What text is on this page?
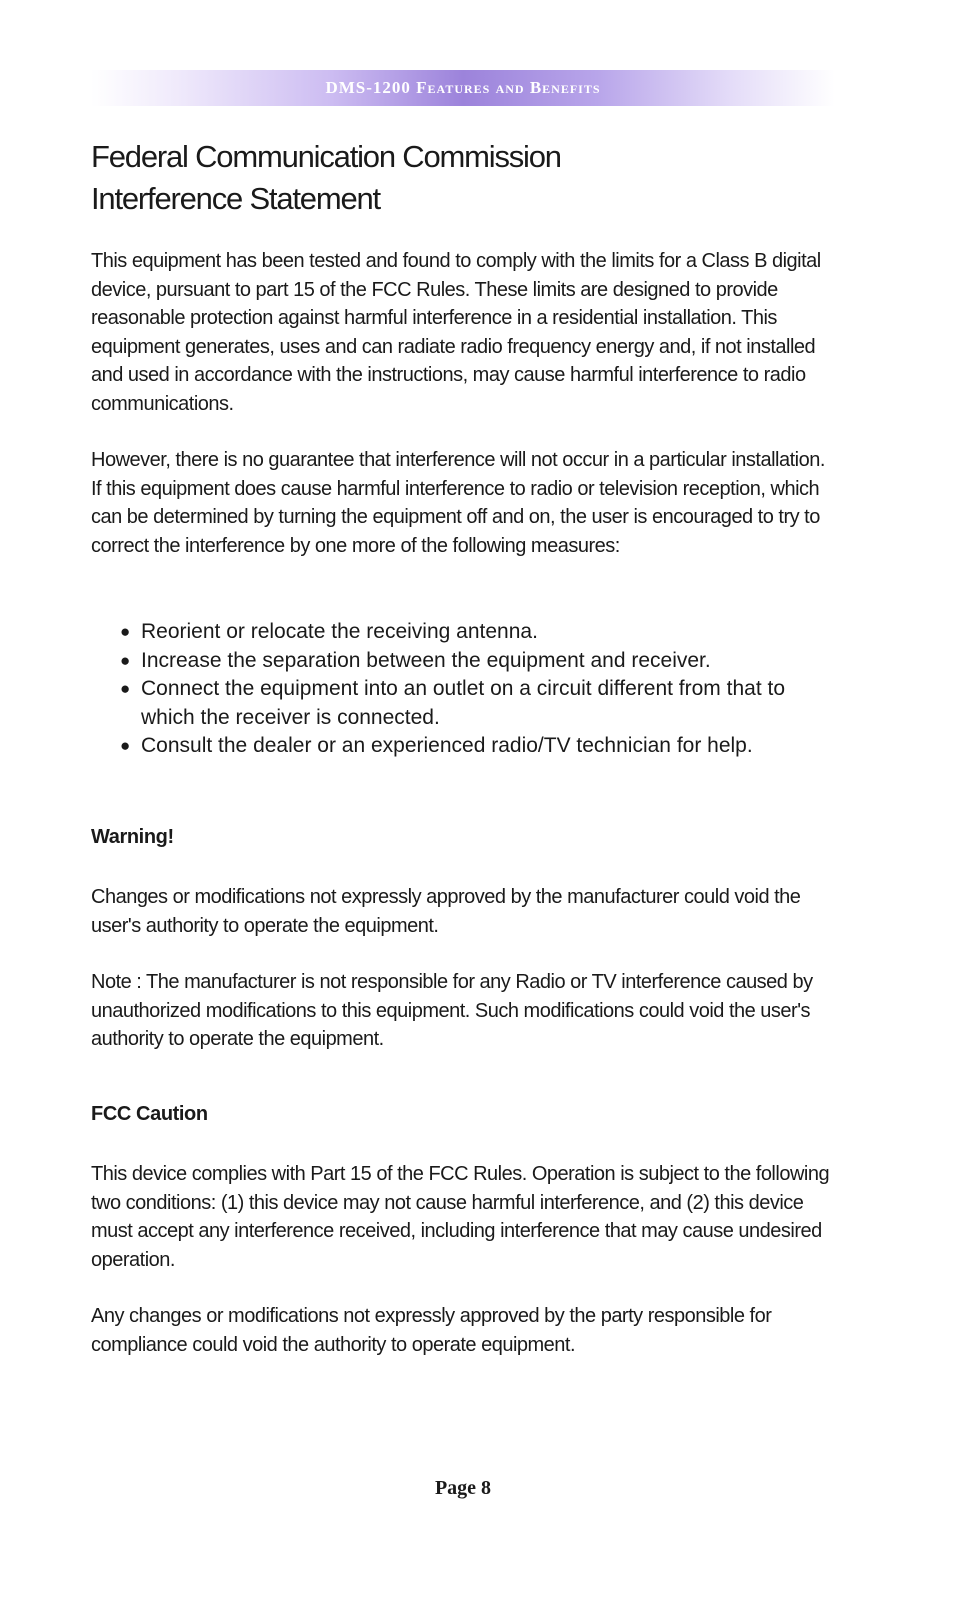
DMS-1200 Features and Benefits
Federal Communication Commission
Interference Statement

This equipment has been tested and found to comply with the limits for a Class B digital device, pursuant to part 15 of the FCC Rules. These limits are designed to provide reasonable protection against harmful interference in a residential installation. This equipment generates, uses and can radiate radio frequency energy and, if not installed and used in accordance with the instructions, may cause harmful interference to radio communications.

However, there is no guarantee that interference will not occur in a particular installation. If this equipment does cause harmful interference to radio or television reception, which can be determined by turning the equipment off and on, the user is encouraged to try to correct the interference by one more of the following measures:

● Reorient or relocate the receiving antenna.
● Increase the separation between the equipment and receiver.
● Connect the equipment into an outlet on a circuit different from that to which the receiver is connected.
● Consult the dealer or an experienced radio/TV technician for help.
Warning!

Changes or modifications not expressly approved by the manufacturer could void the user's authority to operate the equipment.

Note : The manufacturer is not responsible for any Radio or TV interference caused by unauthorized modifications to this equipment. Such modifications could void the user's authority to operate the equipment.

FCC Caution

This device complies with Part 15 of the FCC Rules. Operation is subject to the following two conditions: (1) this device may not cause harmful interference, and (2) this device must accept any interference received, including interference that may cause undesired operation.

Any changes or modifications not expressly approved by the party responsible for compliance could void the authority to operate equipment.

Page 8
